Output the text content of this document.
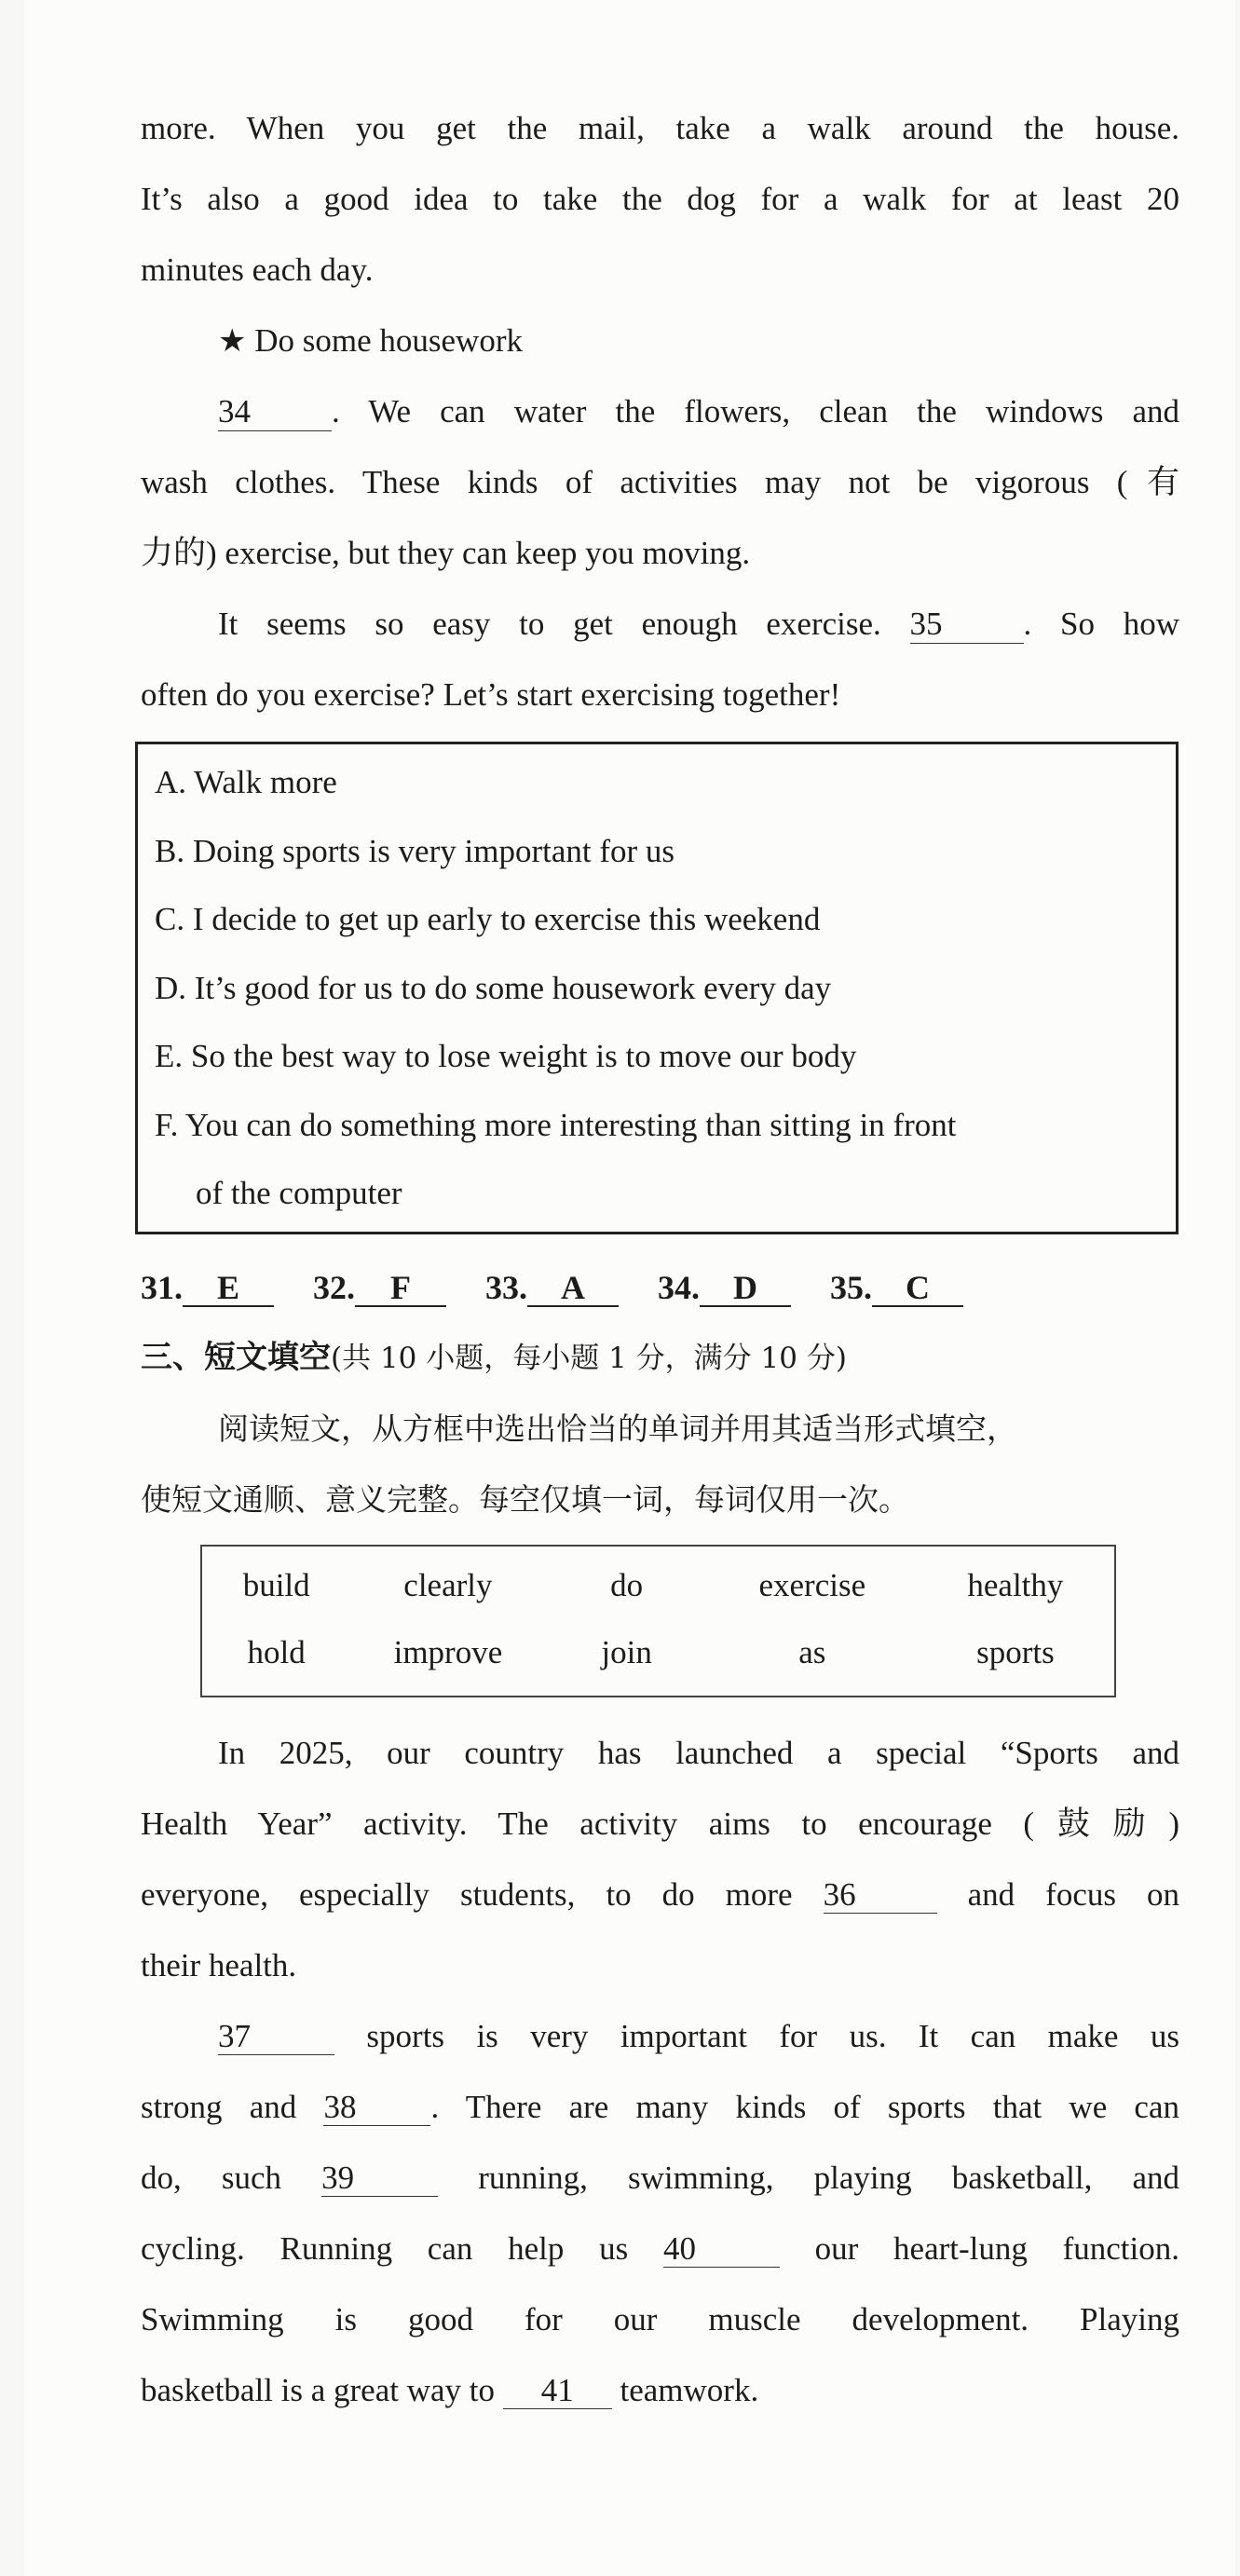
more. When you get the mail, take a walk around the house.
It’s also a good idea to take the dog for a walk for at least 20
minutes each day.
★ Do some housework
34 . We can water the flowers, clean the windows and
wash clothes. These kinds of activities may not be vigorous (有
力的) exercise, but they can keep you moving.
It seems so easy to get enough exercise. 35 . So how
often do you exercise? Let’s start exercising together!
A. Walk more
B. Doing sports is very important for us
C. I decide to get up early to exercise this weekend
D. It’s good for us to do some housework every day
E. So the best way to lose weight is to move our body
F. You can do something more interesting than sitting in front
of the computer
31. E 32. F 33. A 34. D 35. C
三、短文填空(共 10 小题，每小题 1 分，满分 10 分)
阅读短文，从方框中选出恰当的单词并用其适当形式填空，
使短文通顺、意义完整。每空仅填一词，每词仅用一次。
build	clearly	do	exercise	healthy
hold	improve	join	as	sports
In 2025, our country has launched a special “Sports and
Health Year” activity. The activity aims to encourage (鼓励)
everyone, especially students, to do more 36	and focus on
their health.
37	sports is very important for us. It can make us
strong and 38 . There are many kinds of sports that we can
do, such 39	running, swimming, playing basketball, and
cycling. Running can help us 40	our heart-lung function.
Swimming is good for our muscle development. Playing
basketball is a great way to 41 teamwork.
